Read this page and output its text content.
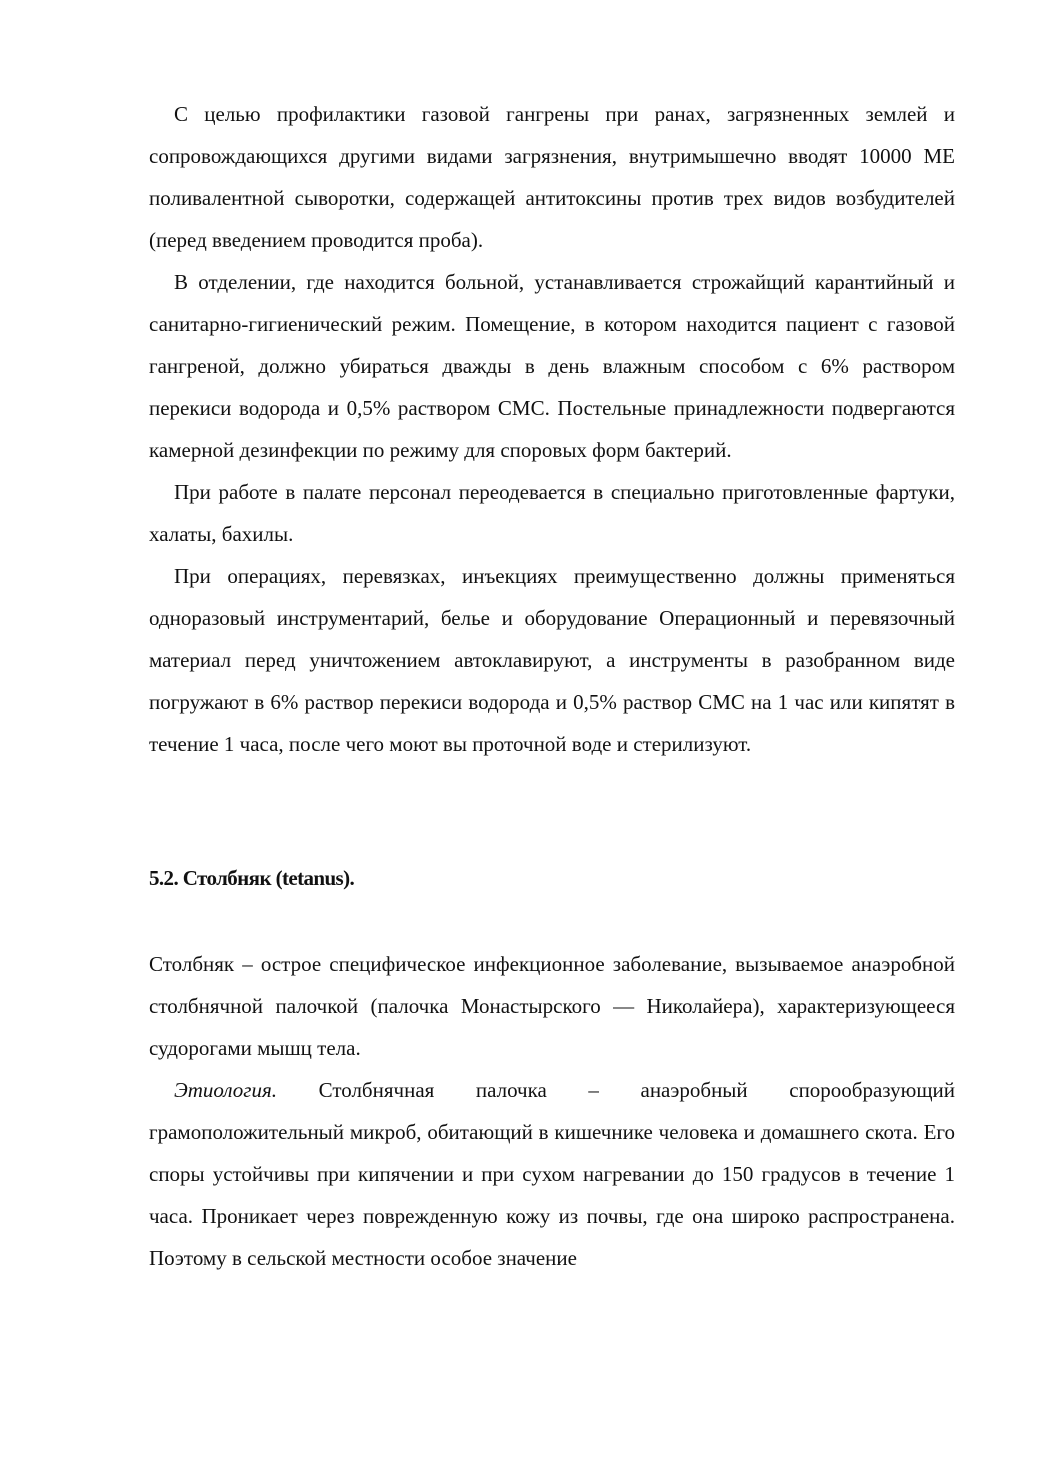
С целью профилактики газовой гангрены при ранах, загрязненных землей и сопровождающихся другими видами загрязнения, внутримышечно вводят 10000 МЕ поливалентной сыворотки, содержащей антитоксины против трех видов возбудителей (перед введением проводится проба).

В отделении, где находится больной, устанавливается строжайщий карантийный и санитарно-гигиенический режим. Помещение, в котором находится пациент с газовой гангреной, должно убираться дважды в день влажным способом с 6% раствором перекиси водорода и 0,5% раствором СМС. Постельные принадлежности подвергаются камерной дезинфекции по режиму для споровых форм бактерий.

При работе в палате персонал переодевается в специально приготовленные фартуки, халаты, бахилы.

При операциях, перевязках, инъекциях преимущественно должны применяться одноразовый инструментарий, белье и оборудование Операционный и перевязочный материал перед уничтожением автоклавируют, а инструменты в разобранном виде погружают в 6% раствор перекиси водорода и 0,5% раствор СМС на 1 час или кипятят в течение 1 часа, после чего моют вы проточной воде и стерилизуют.

5.2. Столбняк (tetanus).

Столбняк – острое специфическое инфекционное заболевание, вызываемое анаэробной столбнячной палочкой (палочка Монастырского — Николайера), характеризующееся судорогами мышц тела.

Этиология. Столбнячная палочка – анаэробный спорообразующий грамоположительный микроб, обитающий в кишечнике человека и домашнего скота. Его споры устойчивы при кипячении и при сухом нагревании до 150 градусов в течение 1 часа. Проникает через поврежденную кожу из почвы, где она широко распространена. Поэтому в сельской местности особое значение
